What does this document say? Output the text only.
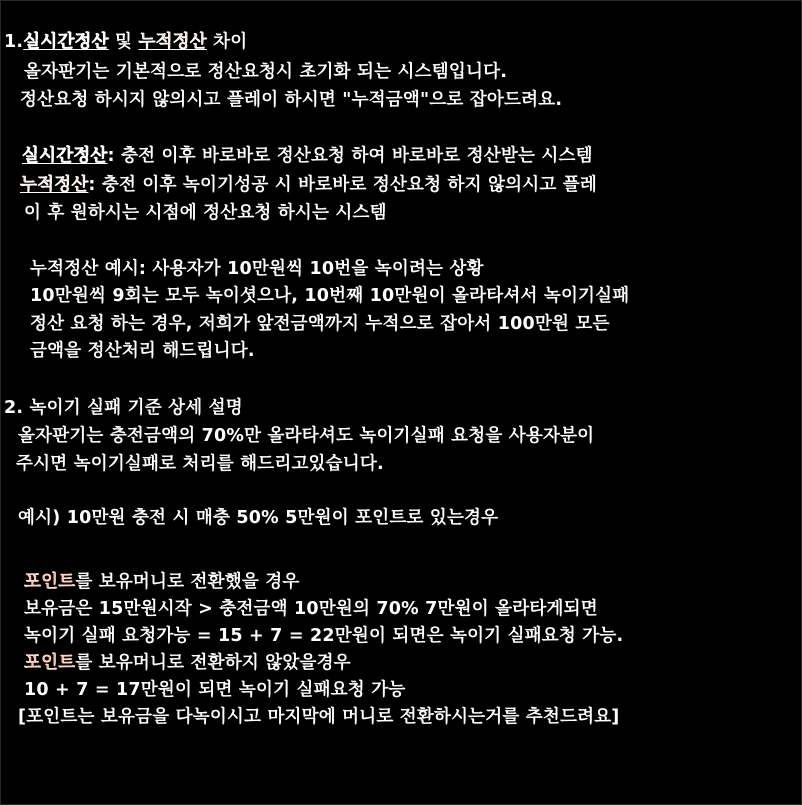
1.실시간정산 및 누적정산 차이
올자판기는 기본적으로 정산요청시 초기화 되는 시스템입니다.
정산요청 하시지 않의시고 플레이 하시면 "누적금액"으로 잡아드려요.
실시간정산: 충전 이후 바로바로 정산요청 하여 바로바로 정산받는 시스템
누적정산: 충전 이후 녹이기성공 시 바로바로 정산요청 하지 않의시고 플레
이 후 원하시는 시점에 정산요청 하시는 시스템
누적정산 예시: 사용자가 10만원씩 10번을 녹이려는 상황
10만원씩 9회는 모두 녹이셧으나, 10번째 10만원이 올라타셔서 녹이기실패
정산 요청 하는 경우, 저희가 앞전금액까지 누적으로 잡아서 100만원 모든
금액을 정산처리 해드립니다.
2. 녹이기 실패 기준 상세 설명
올자판기는 충전금액의 70%만 올라타셔도 녹이기실패 요청을 사용자분이
주시면 녹이기실패로 처리를 해드리고있습니다.
예시) 10만원 충전 시 매충 50% 5만원이 포인트로 있는경우
포인트를 보유머니로 전환했을 경우
보유금은 15만원시작 > 충전금액 10만원의 70% 7만원이 올라타게되면
녹이기 실패 요청가능 = 15 + 7 = 22만원이 되면은 녹이기 실패요청 가능.
포인트를 보유머니로 전환하지 않았을경우
10 + 7 = 17만원이 되면 녹이기 실패요청 가능
[포인트는 보유금을 다녹이시고 마지막에 머니로 전환하시는거를 추천드려요]
